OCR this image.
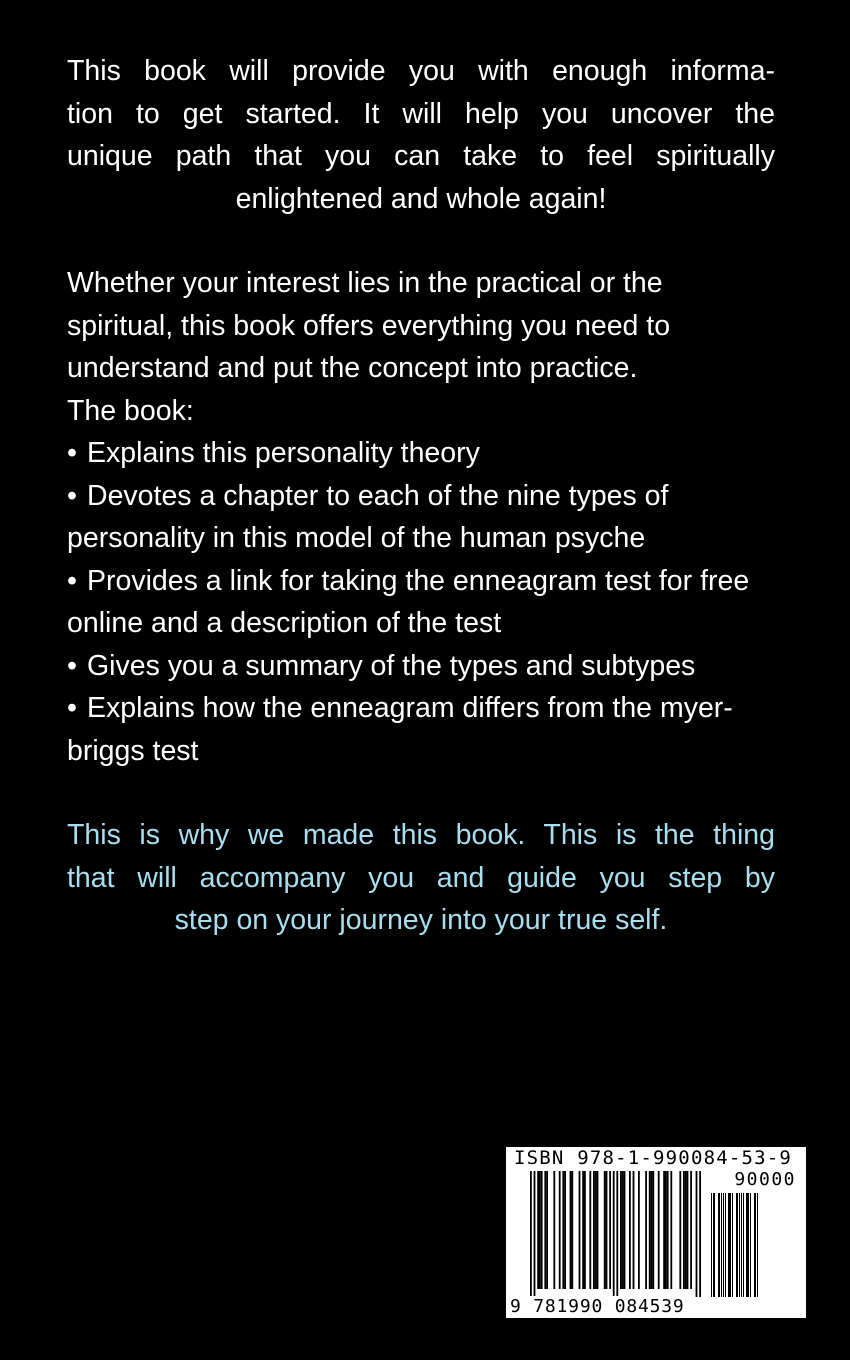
This book will provide you with enough informa-
tion to get started. It will help you uncover the
unique path that you can take to feel spiritually
enlightened and whole again!
Whether your interest lies in the practical or the
spiritual, this book offers everything you need to
understand and put the concept into practice.
The book:
• Explains this personality theory
• Devotes a chapter to each of the nine types of personality in this model of the human psyche
• Provides a link for taking the enneagram test for free online and a description of the test
• Gives you a summary of the types and subtypes
• Explains how the enneagram differs from the myer-briggs test
This is why we made this book. This is the thing
that will accompany you and guide you step by
step on your journey into your true self.
ISBN 978-1-990084-53-9
90000
9 781990 084539
